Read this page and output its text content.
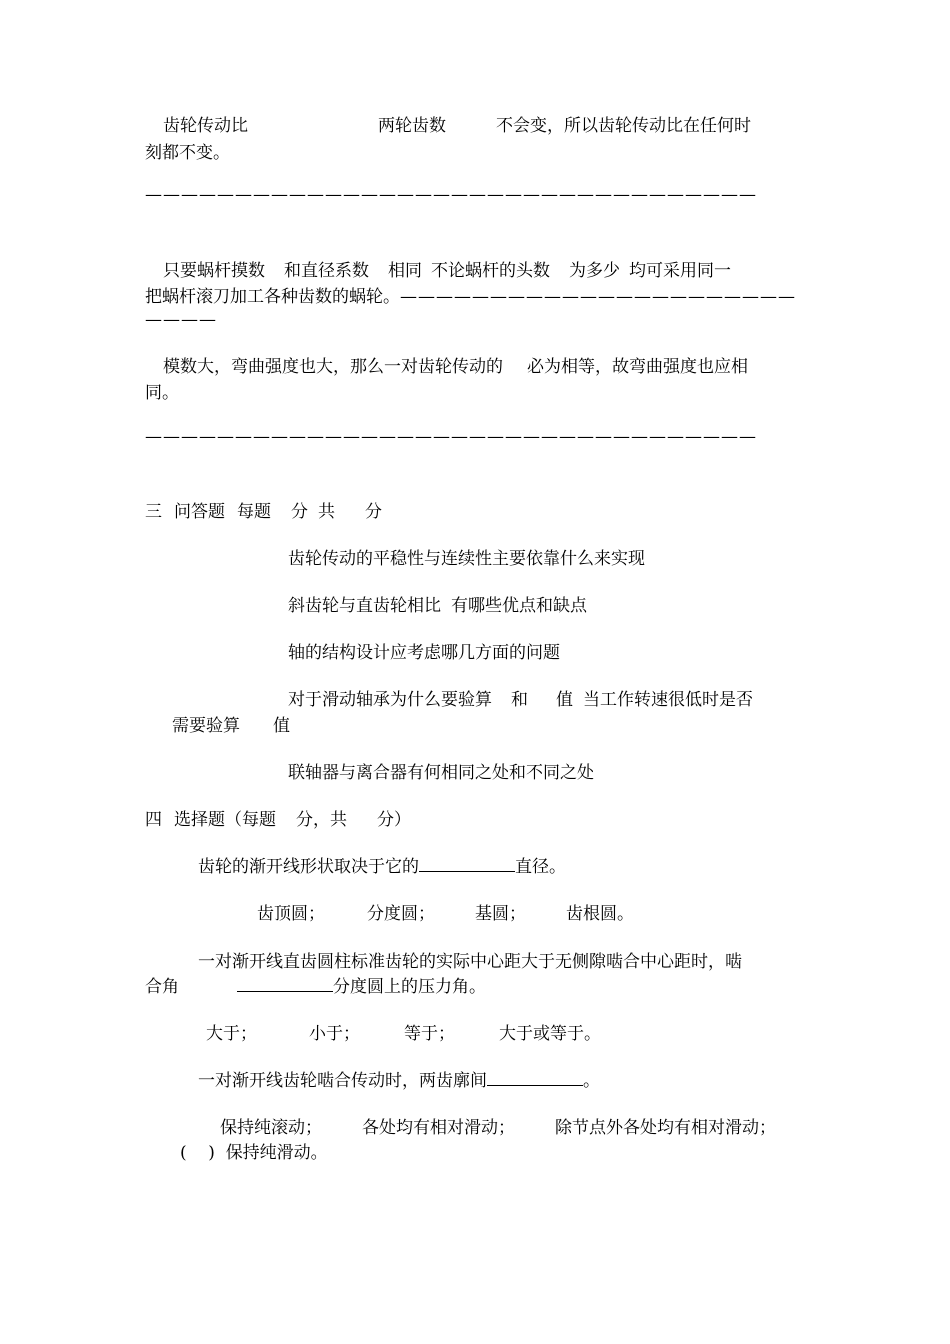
齿轮传动比	两轮齿数	不会变，所以齿轮传动比在任何时
刻都不变。
——————————————————————————————————
只要蜗杆摸数 和直径系数 相同 不论蜗杆的头数 为多少 均可采用同一
把蜗杆滚刀加工各种齿数的蜗轮。——————————————————————
————
模数大，弯曲强度也大，那么一对齿轮传动的 必为相等，故弯曲强度也应相
同。
——————————————————————————————————
三 问答题 每题 分 共 分
齿轮传动的平稳性与连续性主要依靠什么来实现
斜齿轮与直齿轮相比 有哪些优点和缺点
轴的结构设计应考虑哪几方面的问题
对于滑动轴承为什么要验算 和 值 当工作转速很低时是否
需要验算 值
联轴器与离合器有何相同之处和不同之处
四 选择题（每题 分，共 分）
齿轮的渐开线形状取决于它的	直径。
齿顶圆； 分度圆； 基圆； 齿根圆。
一对渐开线直齿圆柱标准齿轮的实际中心距大于无侧隙啮合中心距时，啮
合角	分度圆上的压力角。
大于；	小于；	等于；	大于或等于。
一对渐开线齿轮啮合传动时，两齿廓间	。
保持纯滚动； 各处均有相对滑动； 除节点外各处均有相对滑动；
(    )  保持纯滑动。
